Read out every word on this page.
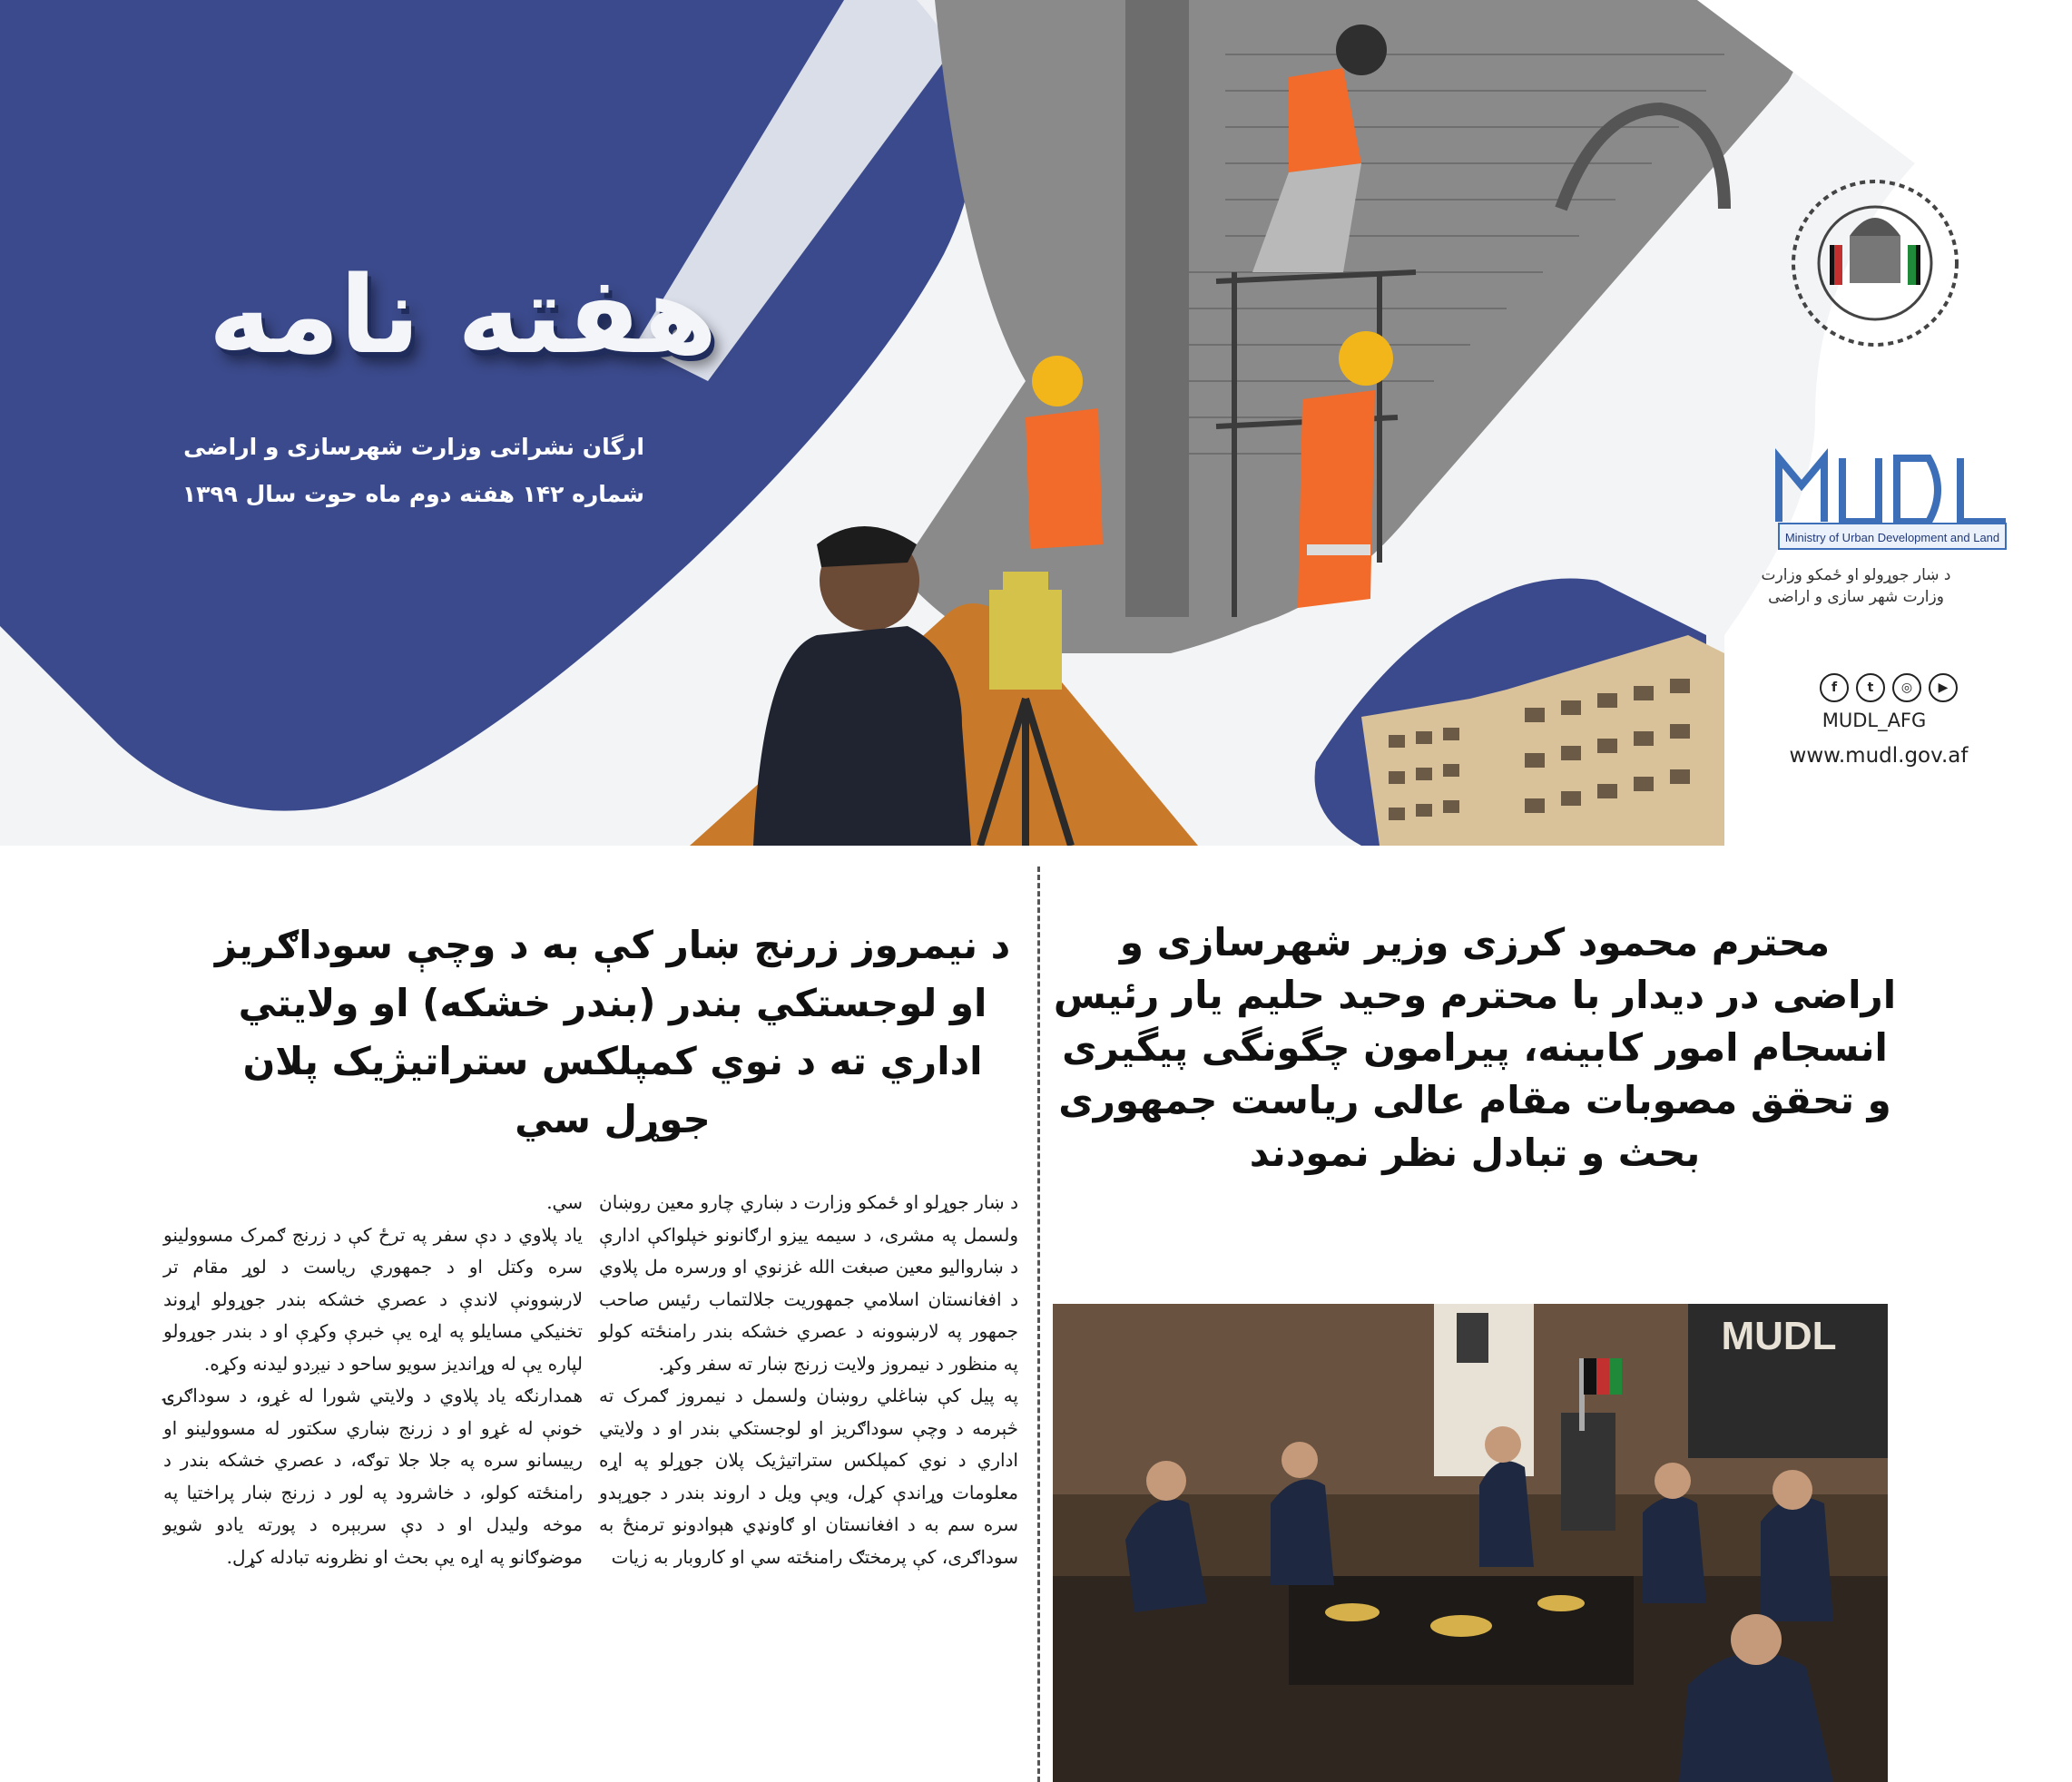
Ministry of Urban Development and Land
هفته نامه
ارگان نشراتی وزارت شهرسازی و اراضی
شماره ۱۴۲ هفته دوم ماه حوت سال ۱۳۹۹
د ښار جوړولو او ځمکو وزارت
وزارت شهر سازی و اراضی
f	t	◎	▶
MUDL_AFG
www.mudl.gov.af
محترم محمود کرزی وزیر شهرسازی و اراضی در دیدار با محترم وحید حلیم یار رئیس انسجام امور کابینه، پیرامون چگونگی پیگیری و تحقق مصوبات مقام عالی ریاست جمهوری بحث و تبادل نظر نمودند
MUDL
د نیمروز زرنج ښار کې به د وچې سوداګریز او لوجستکي بندر (بندر خشکه) او ولایتي اداري ته د نوي کمپلکس ستراتیژیک پلان جوړل سي

د ښار جوړلو او ځمکو وزارت د ښاري چارو معین روښان ولسمل په مشری، د سیمه ییزو ارګانونو خپلواکې ادارې د ښاروالیو معین صبغت الله غزنوي او ورسره مل پلاوي د افغانستان اسلامي جمهوریت جلالتماب رئیس صاحب جمهور په لارښوونه د عصري خشکه بندر رامنځته کولو په منظور د نیمروز ولایت زرنج ښار ته سفر وکړ.

په پیل کې ښاغلي روښان ولسمل د نیمروز ګمرک ته څېرمه د وچې سوداګریز او لوجستکي بندر او د ولایتي اداري د نوي کمپلکس ستراتیژیک پلان جوړلو په اړه معلومات وړاندې کړل، ویې ویل د اروند بندر د جوړېدو سره سم به د افغانستان او ګاونډي هېوادونو ترمنځ به سوداګری، کې پرمختګ رامنځته سي او کاروبار به زیات

سي.

یاد پلاوي د دې سفر په ترځ کې د زرنج ګمرک مسوولینو سره وکتل او د جمهوري ریاست د لوړ مقام تر لارښوونې لاندې د عصري خشکه بندر جوړولو اړوند تخنیکي مسایلو په اړه یې خبرې وکړې او د بندر جوړولو لپاره یې له وړاندیز سویو ساحو د نیږدو لیدنه وکړه.

همدارنګه یاد پلاوي د ولایتي شورا له غړو، د سوداګرۍ خونې له غړو او د زرنج ښاري سکتور له مسوولینو او رییسانو سره په جلا جلا توګه، د عصري خشکه بندر د رامنځته کولو، د خاشرود په لور د زرنج ښار پراختیا په موخه ولیدل او د دې سربېره د پورته یادو شویو موضوګانو په اړه یې بحث او نظرونه تبادله کړل.
